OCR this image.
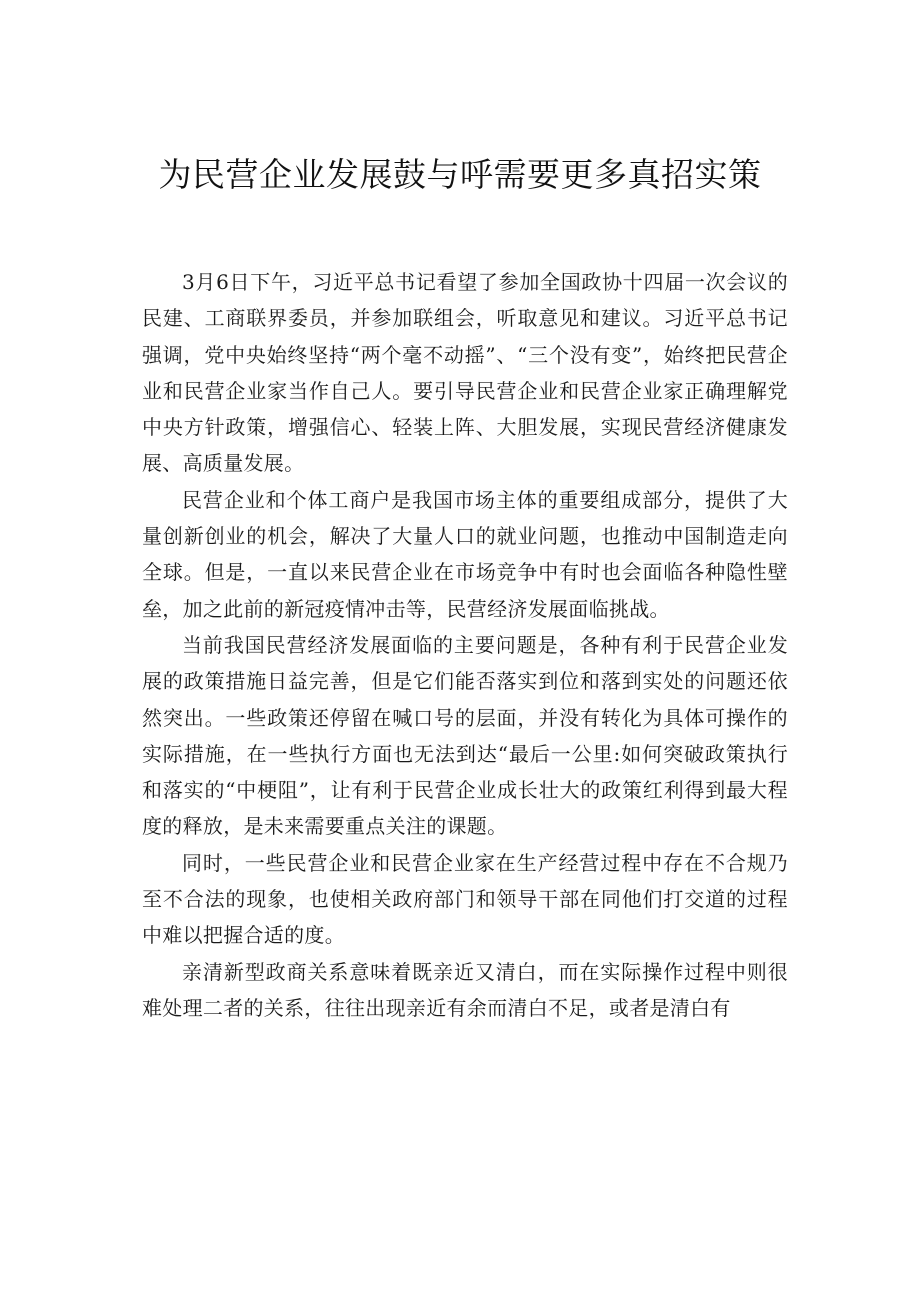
为民营企业发展鼓与呼需要更多真招实策

3月6日下午，习近平总书记看望了参加全国政协十四届一次会议的民建、工商联界委员，并参加联组会，听取意见和建议。习近平总书记强调，党中央始终坚持“两个毫不动摇”、“三个没有变”，始终把民营企业和民营企业家当作自己人。要引导民营企业和民营企业家正确理解党中央方针政策，增强信心、轻装上阵、大胆发展，实现民营经济健康发展、高质量发展。

民营企业和个体工商户是我国市场主体的重要组成部分，提供了大量创新创业的机会，解决了大量人口的就业问题，也推动中国制造走向全球。但是，一直以来民营企业在市场竞争中有时也会面临各种隐性壁垒，加之此前的新冠疫情冲击等，民营经济发展面临挑战。

当前我国民营经济发展面临的主要问题是，各种有利于民营企业发展的政策措施日益完善，但是它们能否落实到位和落到实处的问题还依然突出。一些政策还停留在喊口号的层面，并没有转化为具体可操作的实际措施，在一些执行方面也无法到达“最后一公里:如何突破政策执行和落实的“中梗阻”，让有利于民营企业成长壮大的政策红利得到最大程度的释放，是未来需要重点关注的课题。

同时，一些民营企业和民营企业家在生产经营过程中存在不合规乃至不合法的现象，也使相关政府部门和领导干部在同他们打交道的过程中难以把握合适的度。

亲清新型政商关系意味着既亲近又清白，而在实际操作过程中则很难处理二者的关系，往往出现亲近有余而清白不足，或者是清白有
